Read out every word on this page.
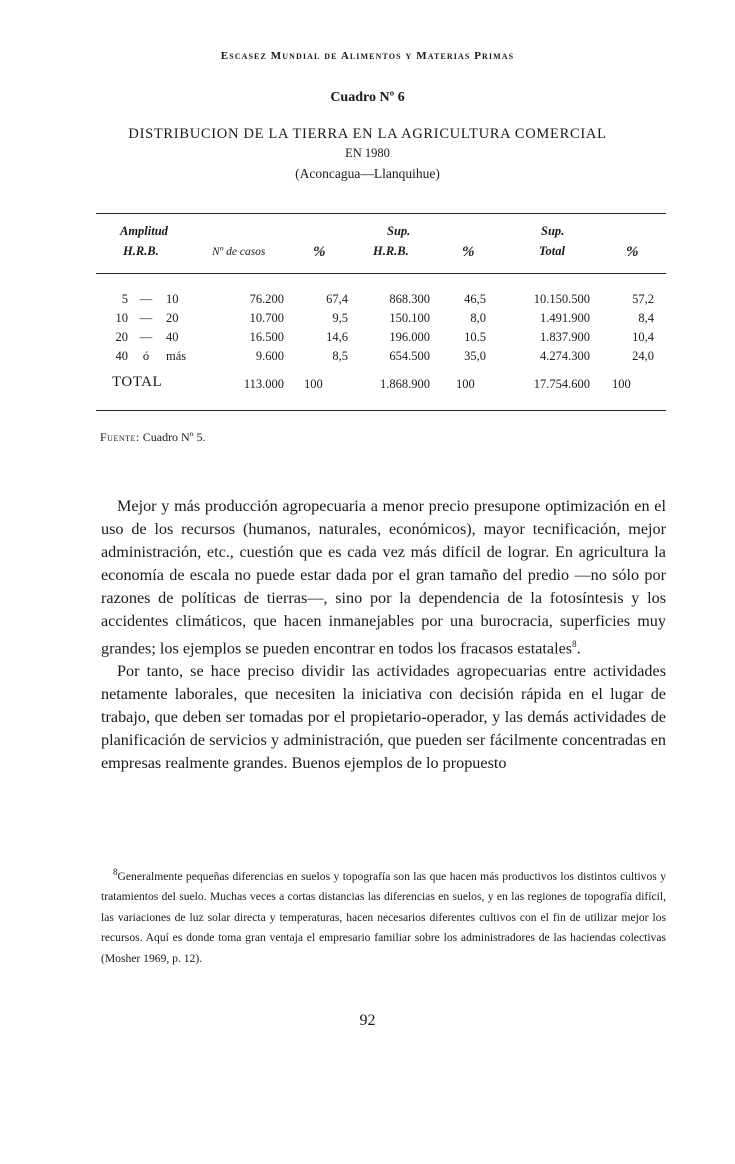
Escasez Mundial de Alimentos y Materias Primas
Cuadro Nº 6
DISTRIBUCION DE LA TIERRA EN LA AGRICULTURA COMERCIAL
EN 1980
(Aconcagua—Llanquihue)
Amplitud
H.R.B.	Nº de casos	%
Sup.
H.R.B.	%
Sup.
Total	%
5 —	10	76.200	67,4	868.300	46,5	10.150.500	57,2
10 —	20	10.700	9,5	150.100	8,0	1.491.900	8,4
20 —	40	16.500	14,6	196.000	10.5	1.837.900	10,4
40	ó	más	9.600	8,5	654.500	35,0	4.274.300	24,0
TOTAL	113.000 100	1.868.900 100	17.754.600 100
Fuente: Cuadro Nº 5.

Mejor y más producción agropecuaria a menor precio presupone optimización en el uso de los recursos (humanos, naturales, económicos), mayor tecnificación, mejor administración, etc., cuestión que es cada vez más difícil de lograr. En agricultura la economía de escala no puede estar dada por el gran tamaño del predio —no sólo por razones de políticas de tierras—, sino por la dependencia de la fotosíntesis y los accidentes climáticos, que hacen inmanejables por una burocracia, superficies muy grandes; los ejemplos se pueden encontrar en todos los fracasos estatales$^8$.

Por tanto, se hace preciso dividir las actividades agropecuarias entre actividades netamente laborales, que necesiten la iniciativa con decisión rápida en el lugar de trabajo, que deben ser tomadas por el propietario-operador, y las demás actividades de planificación de servicios y administración, que pueden ser fácilmente concentradas en empresas realmente grandes. Buenos ejemplos de lo propuesto

$^8$Generalmente pequeñas diferencias en suelos y topografía son las que hacen más productivos los distintos cultivos y tratamientos del suelo. Muchas veces a cortas distancias las diferencias en suelos, y en las regiones de topografía difícil, las variaciones de luz solar directa y temperaturas, hacen necesarios diferentes cultivos con el fin de utilizar mejor los recursos. Aquí es donde toma gran ventaja el empresario familiar sobre los administradores de las haciendas colectivas (Mosher 1969, p. 12).

92
